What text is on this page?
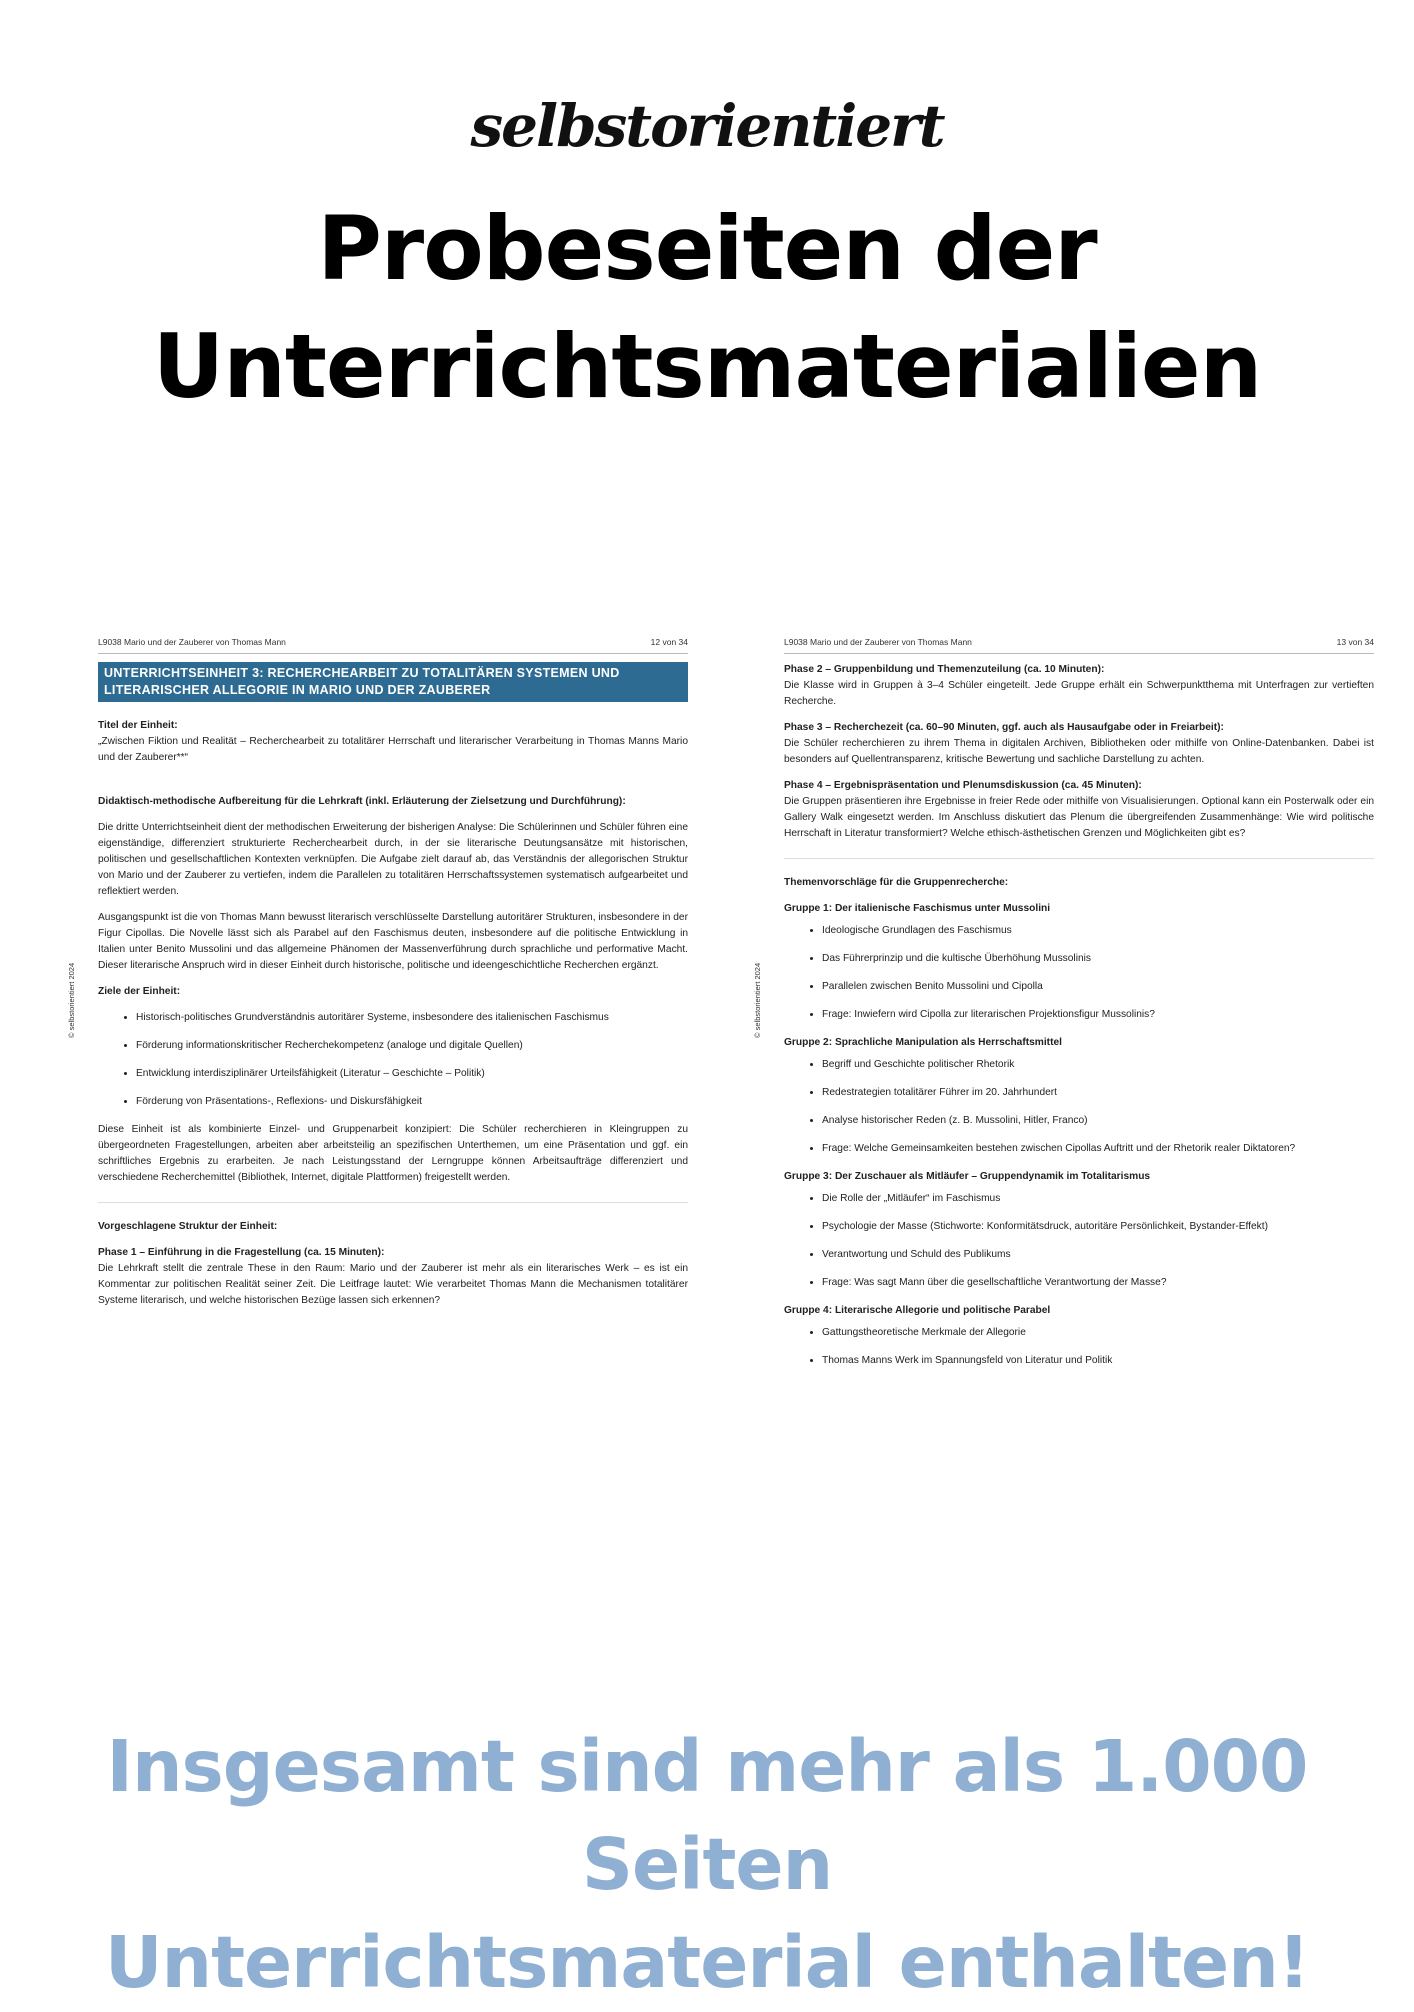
selbstorientiert
Probeseiten der
Unterrichtsmaterialien
L9038 Mario und der Zauberer von Thomas Mann	12 von 34
© selbstorientiert 2024
UNTERRICHTSEINHEIT 3: RECHERCHEARBEIT ZU TOTALITÄREN SYSTEMEN UND LITERARISCHER ALLEGORIE IN MARIO UND DER ZAUBERER
Titel der Einheit:

„Zwischen Fiktion und Realität – Recherchearbeit zu totalitärer Herrschaft und literarischer Verarbeitung in Thomas Manns Mario und der Zauberer**“

Didaktisch-methodische Aufbereitung für die Lehrkraft (inkl. Erläuterung der Zielsetzung und Durchführung):

Die dritte Unterrichtseinheit dient der methodischen Erweiterung der bisherigen Analyse: Die Schülerinnen und Schüler führen eine eigenständige, differenziert strukturierte Recherchearbeit durch, in der sie literarische Deutungsansätze mit historischen, politischen und gesellschaftlichen Kontexten verknüpfen. Die Aufgabe zielt darauf ab, das Verständnis der allegorischen Struktur von Mario und der Zauberer zu vertiefen, indem die Parallelen zu totalitären Herrschaftssystemen systematisch aufgearbeitet und reflektiert werden.

Ausgangspunkt ist die von Thomas Mann bewusst literarisch verschlüsselte Darstellung autoritärer Strukturen, insbesondere in der Figur Cipollas. Die Novelle lässt sich als Parabel auf den Faschismus deuten, insbesondere auf die politische Entwicklung in Italien unter Benito Mussolini und das allgemeine Phänomen der Massenverführung durch sprachliche und performative Macht. Dieser literarische Anspruch wird in dieser Einheit durch historische, politische und ideengeschichtliche Recherchen ergänzt.

Ziele der Einheit:

• Historisch-politisches Grundverständnis autoritärer Systeme, insbesondere des italienischen Faschismus
• Förderung informationskritischer Recherchekompetenz (analoge und digitale Quellen)
• Entwicklung interdisziplinärer Urteilsfähigkeit (Literatur – Geschichte – Politik)
• Förderung von Präsentations-, Reflexions- und Diskursfähigkeit

Diese Einheit ist als kombinierte Einzel- und Gruppenarbeit konzipiert: Die Schüler recherchieren in Kleingruppen zu übergeordneten Fragestellungen, arbeiten aber arbeitsteilig an spezifischen Unterthemen, um eine Präsentation und ggf. ein schriftliches Ergebnis zu erarbeiten. Je nach Leistungsstand der Lerngruppe können Arbeitsaufträge differenziert und verschiedene Recherchemittel (Bibliothek, Internet, digitale Plattformen) freigestellt werden.

Vorgeschlagene Struktur der Einheit:

Phase 1 – Einführung in die Fragestellung (ca. 15 Minuten):

Die Lehrkraft stellt die zentrale These in den Raum: Mario und der Zauberer ist mehr als ein literarisches Werk – es ist ein Kommentar zur politischen Realität seiner Zeit. Die Leitfrage lautet: Wie verarbeitet Thomas Mann die Mechanismen totalitärer Systeme literarisch, und welche historischen Bezüge lassen sich erkennen?

L9038 Mario und der Zauberer von Thomas Mann	13 von 34
© selbstorientiert 2024
Phase 2 – Gruppenbildung und Themenzuteilung (ca. 10 Minuten):

Die Klasse wird in Gruppen à 3–4 Schüler eingeteilt. Jede Gruppe erhält ein Schwerpunktthema mit Unterfragen zur vertieften Recherche.

Phase 3 – Recherchezeit (ca. 60–90 Minuten, ggf. auch als Hausaufgabe oder in Freiarbeit):

Die Schüler recherchieren zu ihrem Thema in digitalen Archiven, Bibliotheken oder mithilfe von Online-Datenbanken. Dabei ist besonders auf Quellentransparenz, kritische Bewertung und sachliche Darstellung zu achten.

Phase 4 – Ergebnispräsentation und Plenumsdiskussion (ca. 45 Minuten):

Die Gruppen präsentieren ihre Ergebnisse in freier Rede oder mithilfe von Visualisierungen. Optional kann ein Posterwalk oder ein Gallery Walk eingesetzt werden. Im Anschluss diskutiert das Plenum die übergreifenden Zusammenhänge: Wie wird politische Herrschaft in Literatur transformiert? Welche ethisch-ästhetischen Grenzen und Möglichkeiten gibt es?

Themenvorschläge für die Gruppenrecherche:

Gruppe 1: Der italienische Faschismus unter Mussolini

• Ideologische Grundlagen des Faschismus
• Das Führerprinzip und die kultische Überhöhung Mussolinis
• Parallelen zwischen Benito Mussolini und Cipolla
• Frage: Inwiefern wird Cipolla zur literarischen Projektionsfigur Mussolinis?

Gruppe 2: Sprachliche Manipulation als Herrschaftsmittel

• Begriff und Geschichte politischer Rhetorik
• Redestrategien totalitärer Führer im 20. Jahrhundert
• Analyse historischer Reden (z. B. Mussolini, Hitler, Franco)
• Frage: Welche Gemeinsamkeiten bestehen zwischen Cipollas Auftritt und der Rhetorik realer Diktatoren?

Gruppe 3: Der Zuschauer als Mitläufer – Gruppendynamik im Totalitarismus

• Die Rolle der „Mitläufer“ im Faschismus
• Psychologie der Masse (Stichworte: Konformitätsdruck, autoritäre Persönlichkeit, Bystander-Effekt)
• Verantwortung und Schuld des Publikums
• Frage: Was sagt Mann über die gesellschaftliche Verantwortung der Masse?

Gruppe 4: Literarische Allegorie und politische Parabel

• Gattungstheoretische Merkmale der Allegorie
• Thomas Manns Werk im Spannungsfeld von Literatur und Politik
Insgesamt sind mehr als 1.000 Seiten
Unterrichtsmaterial enthalten!
